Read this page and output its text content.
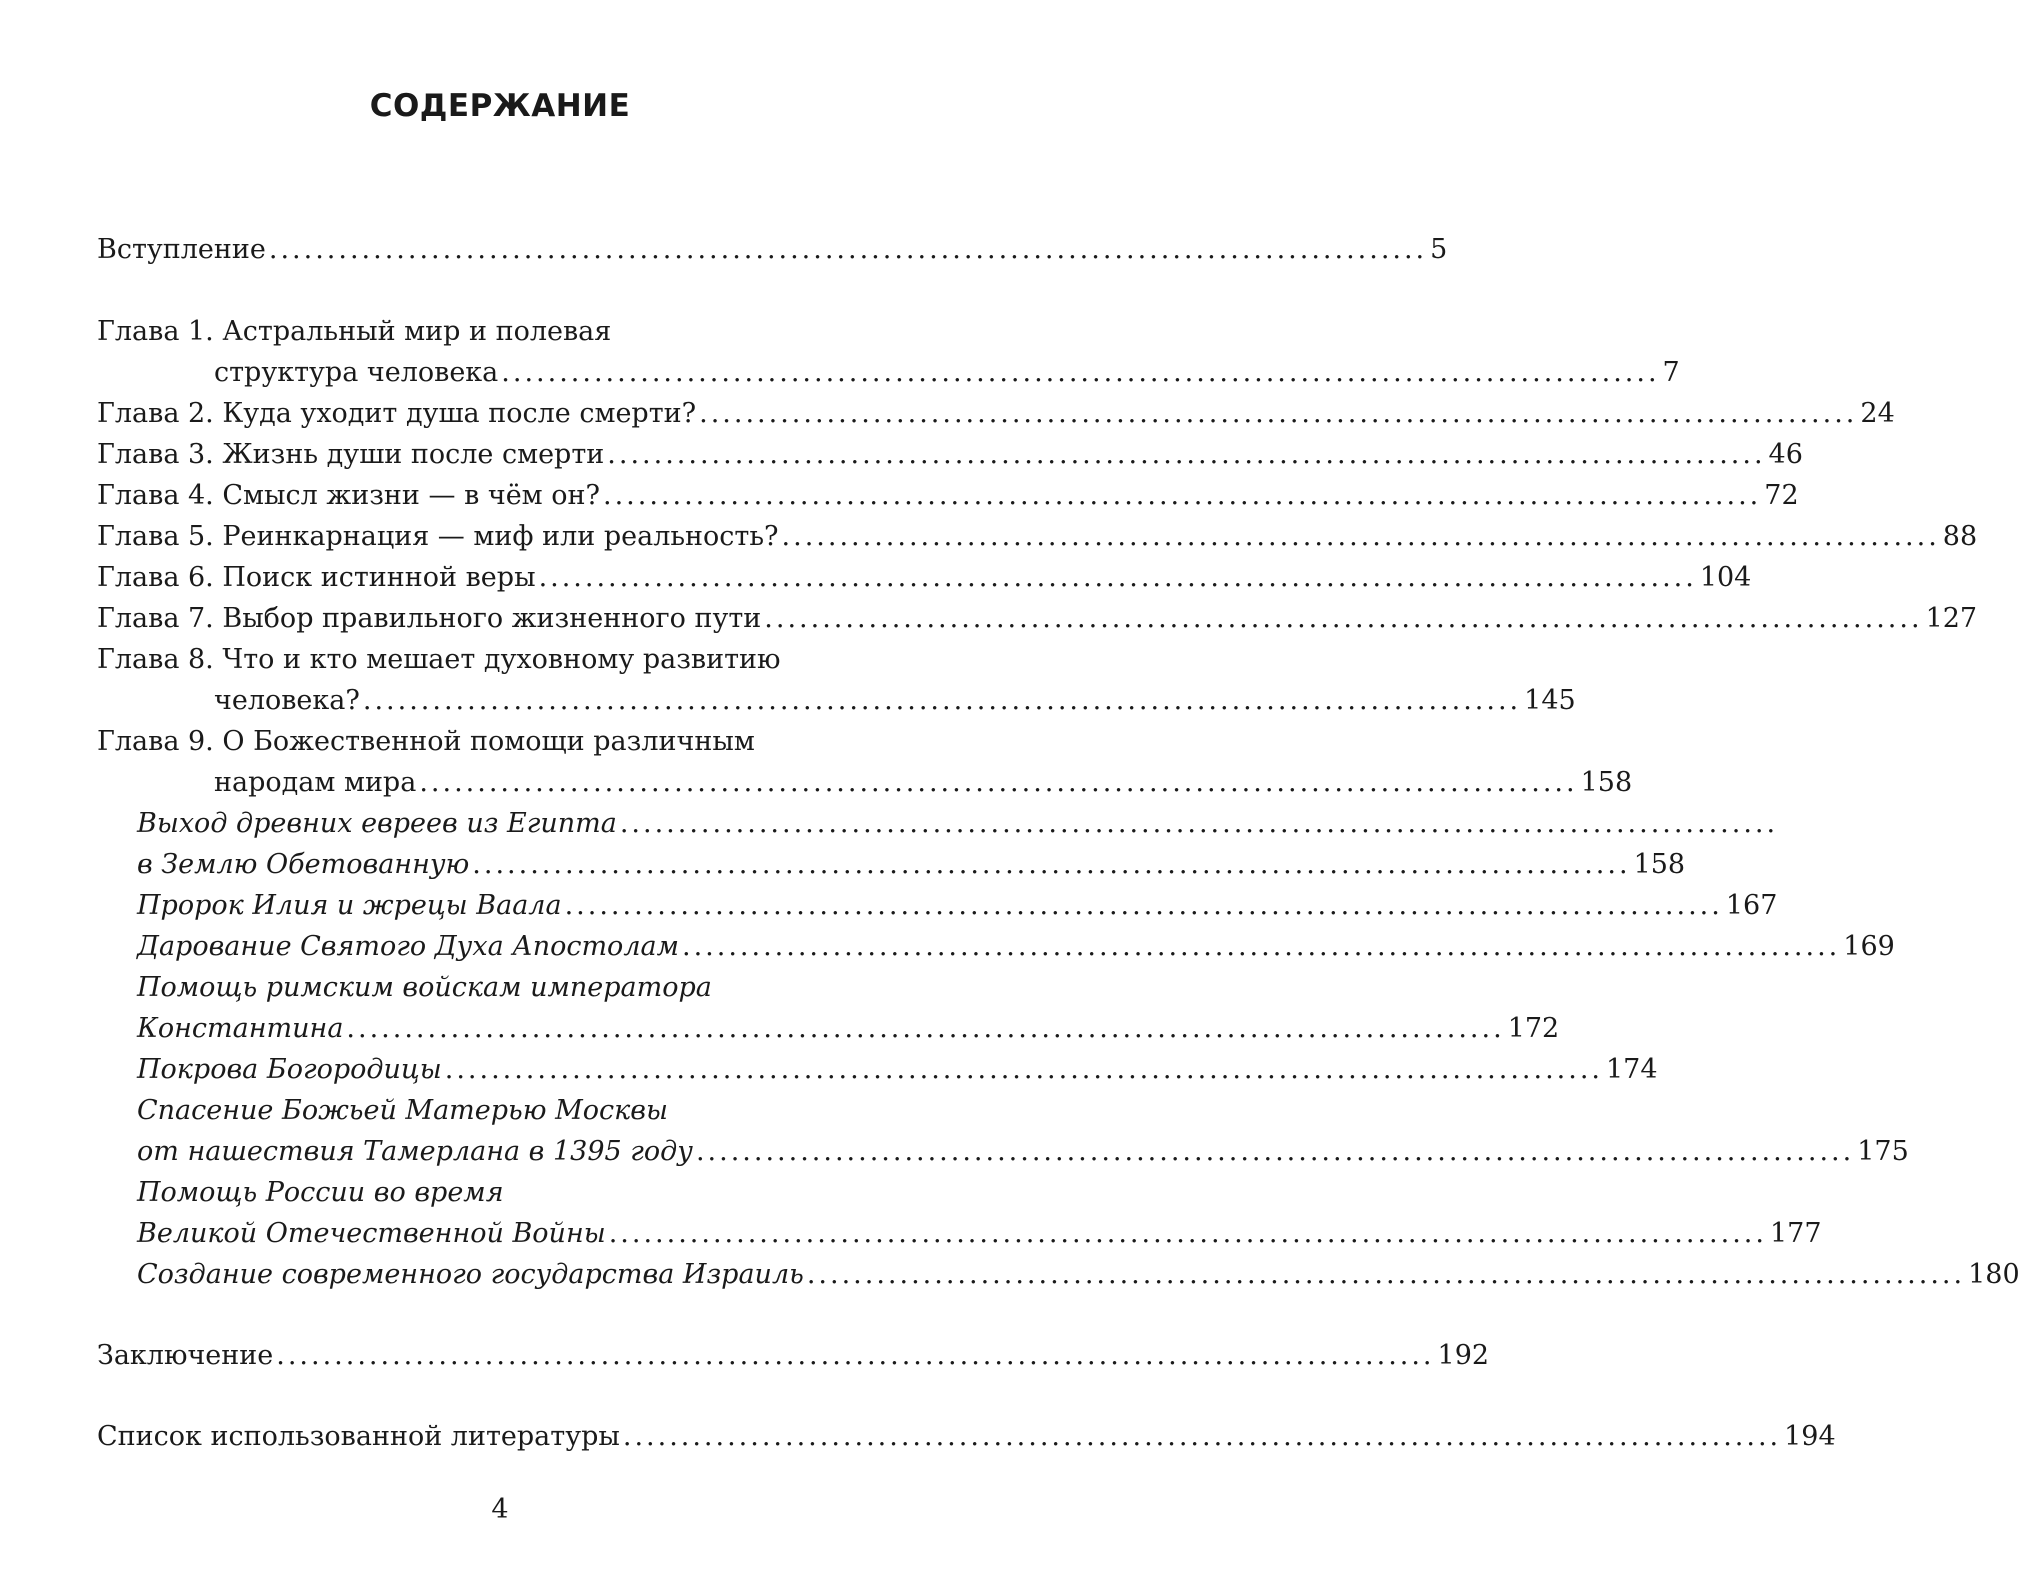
СОДЕРЖАНИЕ
Вступление .................................................................................................... 5
Глава 1. Астральный мир и полевая
структура человека .................................................................................................... 7
Глава 2. Куда уходит душа после смерти? .................................................................................................... 24
Глава 3. Жизнь души после смерти .................................................................................................... 46
Глава 4. Смысл жизни — в чём он? .................................................................................................... 72
Глава 5. Реинкарнация — миф или реальность? .................................................................................................... 88
Глава 6. Поиск истинной веры .................................................................................................... 104
Глава 7. Выбор правильного жизненного пути .................................................................................................... 127
Глава 8. Что и кто мешает духовному развитию
человека? .................................................................................................... 145
Глава 9. О Божественной помощи различным
народам мира .................................................................................................... 158
Выход древних евреев из Египта ....................................................................................................
в Землю Обетованную .................................................................................................... 158
Пророк Илия и жрецы Ваала .................................................................................................... 167
Дарование Святого Духа Апостолам .................................................................................................... 169
Помощь римским войскам императора
Константина .................................................................................................... 172
Покрова Богородицы .................................................................................................... 174
Спасение Божьей Матерью Москвы
от нашествия Тамерлана в 1395 году .................................................................................................... 175
Помощь России во время
Великой Отечественной Войны .................................................................................................... 177
Создание современного государства Израиль .................................................................................................... 180
Заключение .................................................................................................... 192
Список использованной литературы .................................................................................................... 194
4
